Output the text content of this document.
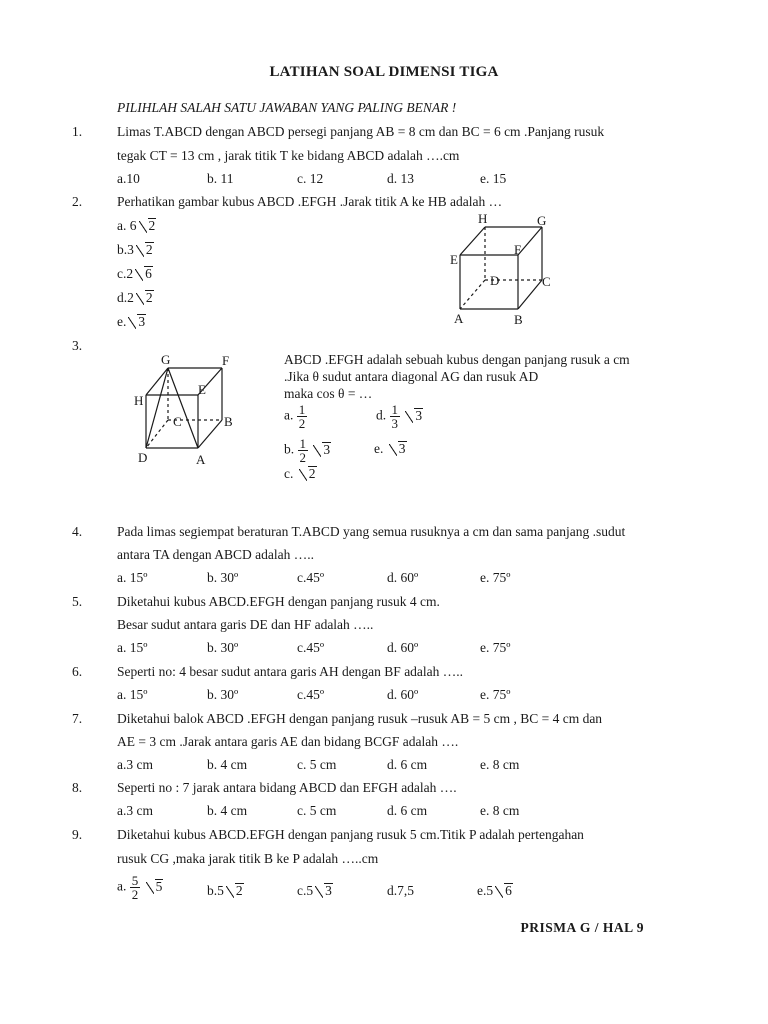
LATIHAN SOAL DIMENSI TIGA
PILIHLAH SALAH SATU JAWABAN YANG PALING BENAR !
1.	Limas T.ABCD dengan ABCD persegi panjang AB = 8 cm dan BC = 6 cm .Panjang rusuk
tegak CT = 13 cm , jarak titik T ke bidang ABCD adalah ….cm
a.10	b. 11	c. 12	d. 13	e. 15
2.	Perhatikan gambar kubus ABCD .EFGH .Jarak titik A ke HB adalah …
a. 6 2
b.3 2
c.2 6
d.2 2
e. 3
H	G
E
F
D	C
A	B
3.
G	F
E
H
C	B
D	A
ABCD .EFGH adalah sebuah kubus dengan panjang rusuk a cm
.Jika θ sudut antara diagonal AG dan rusuk AD
maka cos θ = …
a. $\frac{1}{2}$	d. $\frac{1}{3} 3$
b. $\frac{1}{2} 3$	e. 3
c. 2
4.	Pada limas segiempat beraturan T.ABCD yang semua rusuknya a cm dan sama panjang .sudut
antara TA dengan ABCD adalah …..
a. 15º	b. 30º	c.45º	d. 60º	e. 75º
5.	Diketahui kubus ABCD.EFGH dengan panjang rusuk 4 cm.
Besar sudut antara garis DE dan HF adalah …..
a. 15º	b. 30º	c.45º	d. 60º	e. 75º
6.	Seperti no: 4 besar sudut antara garis AH dengan BF adalah …..
a. 15º	b. 30º	c.45º	d. 60º	e. 75º
7.	Diketahui balok ABCD .EFGH dengan panjang rusuk –rusuk AB = 5 cm , BC = 4 cm dan
AE = 3 cm .Jarak antara garis AE dan bidang BCGF adalah ….
a.3 cm	b. 4 cm	c. 5 cm	d. 6 cm	e. 8 cm
8.	Seperti no : 7 jarak antara bidang ABCD dan EFGH adalah ….
a.3 cm	b. 4 cm	c. 5 cm	d. 6 cm	e. 8 cm
9.	Diketahui kubus ABCD.EFGH dengan panjang rusuk 5 cm.Titik P adalah pertengahan
rusuk CG ,maka jarak titik B ke P adalah …..cm
a. $\frac{5}{2} 5$	b.5 2	c.5 3	d.7,5	e.5 6
PRISMA G / HAL 9
